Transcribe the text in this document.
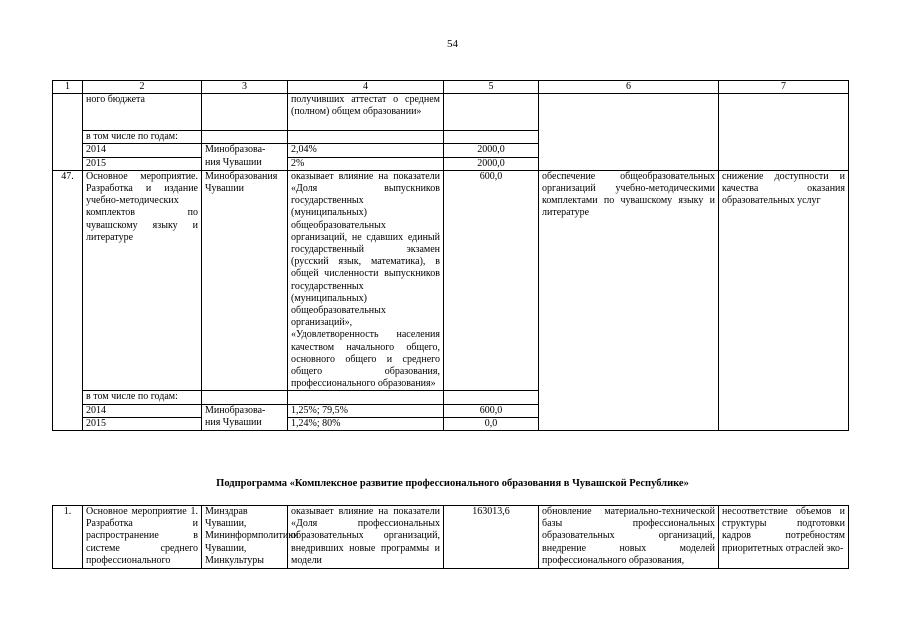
54
1	2	3	4	5	6	7
	ного бюджета		получивших аттестат о среднем (полном) общем образовании»			
	в том числе по годам:					
	2014	Минобразова-	2,04%	2000,0		
	2015	ния Чувашии	2%	2000,0		
47.	Основное мероприятие. Разработка и издание учебно-методических комплектов по чувашскому языку и литературе	Минобразования Чувашии	оказывает влияние на показатели «Доля выпускников государственных (муниципальных) общеобразовательных организаций, не сдавших единый государственный экзамен (русский язык, математика), в общей численности выпускников государственных (муниципальных) общеобразовательных организаций», «Удовлетворенность населения качеством начального общего, основного общего и среднего общего образования, профессионального образования»	600,0	обеспечение общеобразовательных организаций учебно-методическими комплектами по чувашскому языку и литературе	снижение доступности и качества оказания образовательных услуг
	в том числе по годам:					
	2014	Минобразова-	1,25%; 79,5%	600,0		
	2015	ния Чувашии	1,24%; 80%	0,0		
Подпрограмма «Комплексное развитие профессионального образования в Чувашской Республике»
1.	Основное мероприятие 1. Разработка и распространение в системе среднего профессионального	Минздрав Чувашии, Мининформполитики Чувашии, Минкультуры	оказывает влияние на показатели «Доля профессиональных образовательных организаций, внедривших новые программы и модели	163013,6	обновление материально-технической базы профессиональных образовательных организаций, внедрение новых моделей профессионального образования,	несоответствие объемов и структуры подготовки кадров потребностям приоритетных отраслей эко-
